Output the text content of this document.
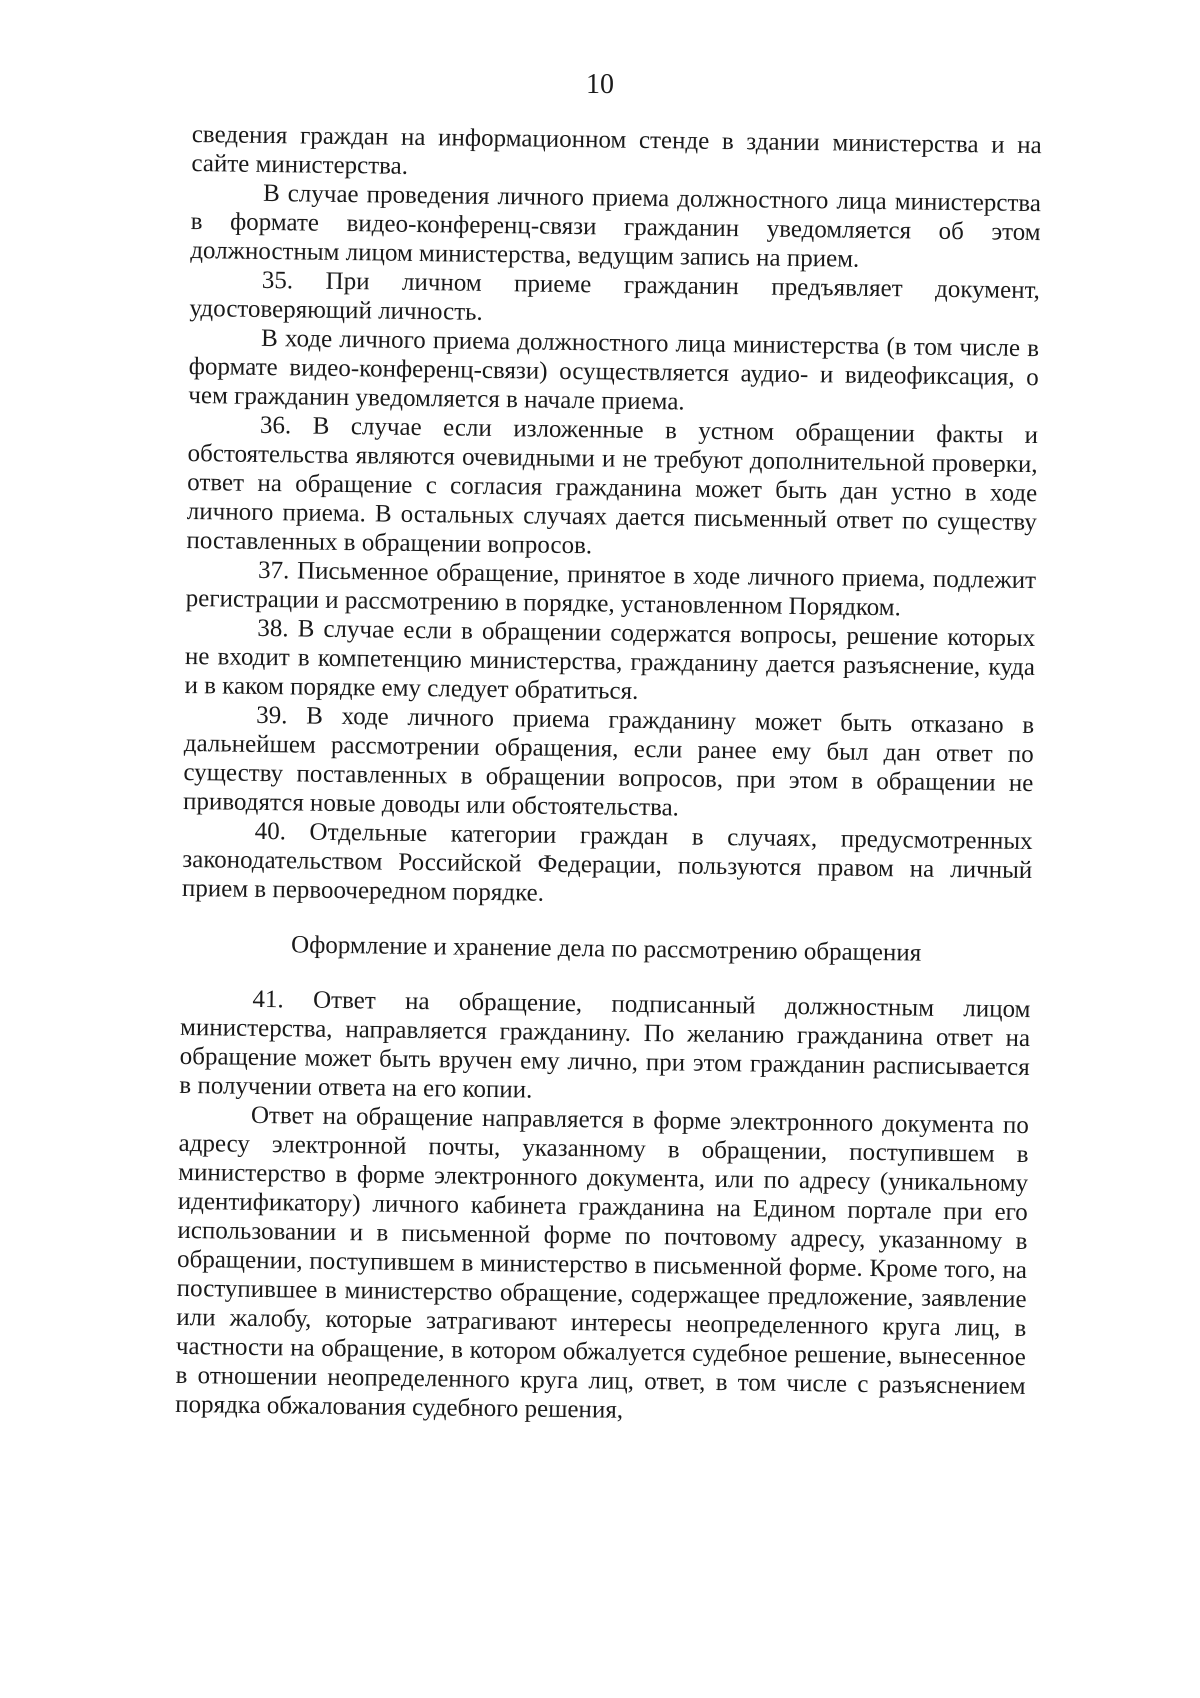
10

сведения граждан на информационном стенде в здании министерства и на сайте министерства.

В случае проведения личного приема должностного лица министерства в формате видео-конференц-связи гражданин уведомляется об этом должностным лицом министерства, ведущим запись на прием.

35. При личном приеме гражданин предъявляет документ, удостоверяющий личность.

В ходе личного приема должностного лица министерства (в том числе в формате видео-конференц-связи) осуществляется аудио- и видеофиксация, о чем гражданин уведомляется в начале приема.

36. В случае если изложенные в устном обращении факты и обстоятельства являются очевидными и не требуют дополнительной проверки, ответ на обращение с согласия гражданина может быть дан устно в ходе личного приема. В остальных случаях дается письменный ответ по существу поставленных в обращении вопросов.

37. Письменное обращение, принятое в ходе личного приема, подлежит регистрации и рассмотрению в порядке, установленном Порядком.

38. В случае если в обращении содержатся вопросы, решение которых не входит в компетенцию министерства, гражданину дается разъяснение, куда и в каком порядке ему следует обратиться.

39. В ходе личного приема гражданину может быть отказано в дальнейшем рассмотрении обращения, если ранее ему был дан ответ по существу поставленных в обращении вопросов, при этом в обращении не приводятся новые доводы или обстоятельства.

40. Отдельные категории граждан в случаях, предусмотренных законодательством Российской Федерации, пользуются правом на личный прием в первоочередном порядке.

Оформление и хранение дела по рассмотрению обращения

41. Ответ на обращение, подписанный должностным лицом министерства, направляется гражданину. По желанию гражданина ответ на обращение может быть вручен ему лично, при этом гражданин расписывается в получении ответа на его копии.

Ответ на обращение направляется в форме электронного документа по адресу электронной почты, указанному в обращении, поступившем в министерство в форме электронного документа, или по адресу (уникальному идентификатору) личного кабинета гражданина на Едином портале при его использовании и в письменной форме по почтовому адресу, указанному в обращении, поступившем в министерство в письменной форме. Кроме того, на поступившее в министерство обращение, содержащее предложение, заявление или жалобу, которые затрагивают интересы неопределенного круга лиц, в частности на обращение, в котором обжалуется судебное решение, вынесенное в отношении неопределенного круга лиц, ответ, в том числе с разъяснением порядка обжалования судебного решения,
